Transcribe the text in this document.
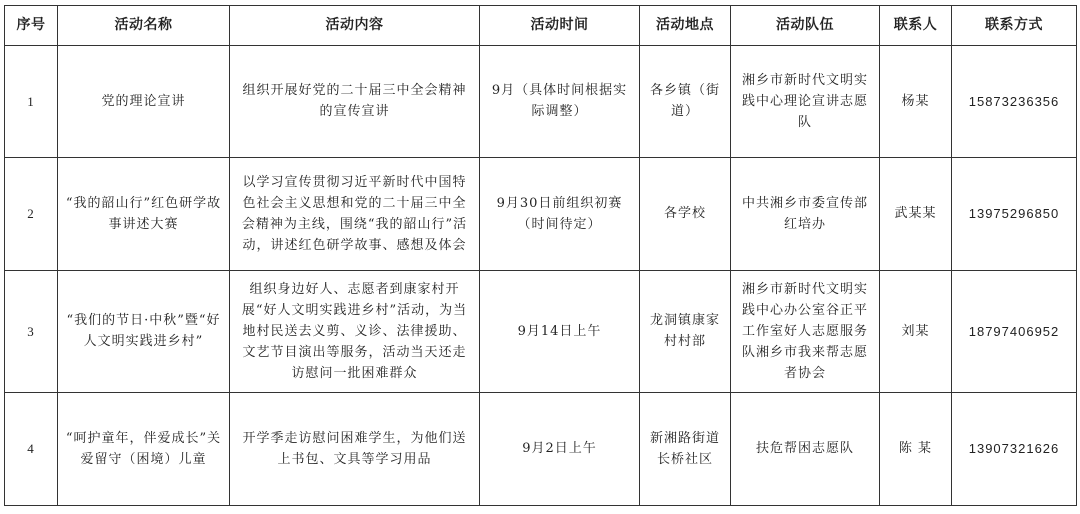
序号	活动名称	活动内容	活动时间	活动地点	活动队伍	联系人	联系方式
1	党的理论宣讲	组织开展好党的二十届三中全会精神的宣传宣讲	9月（具体时间根据实际调整）	各乡镇（街道）	湘乡市新时代文明实践中心理论宣讲志愿队	杨某	15873236356
2	“我的韶山行”红色研学故事讲述大赛	以学习宣传贯彻习近平新时代中国特色社会主义思想和党的二十届三中全会精神为主线，围绕“我的韶山行”活动，讲述红色研学故事、感想及体会	9月30日前组织初赛（时间待定）	各学校	中共湘乡市委宣传部红培办	武某某	13975296850
3	“我们的节日·中秋”暨“好人文明实践进乡村”	组织身边好人、志愿者到康家村开展“好人文明实践进乡村”活动，为当地村民送去义剪、义诊、法律援助、文艺节目演出等服务，活动当天还走访慰问一批困难群众	9月14日上午	龙洞镇康家村村部	湘乡市新时代文明实践中心办公室谷正平工作室好人志愿服务队湘乡市我来帮志愿者协会	刘某	18797406952
4	“呵护童年，伴爱成长”关爱留守（困境）儿童	开学季走访慰问困难学生，为他们送上书包、文具等学习用品	9月2日上午	新湘路街道长桥社区	扶危帮困志愿队	陈 某	13907321626
